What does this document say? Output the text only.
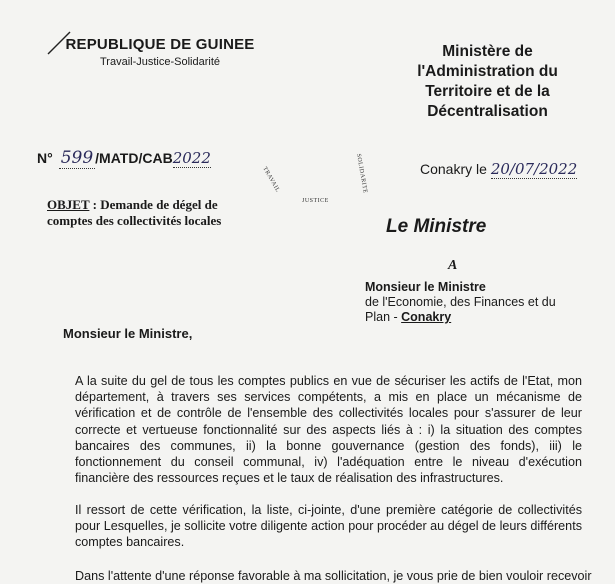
REPUBLIQUE DE GUINEE
Travail-Justice-Solidarité
Ministère de
l'Administration du
Territoire et de la
Décentralisation
N° 599 /MATD/CAB2022
TRAVAIL
JUSTICE
SOLIDARITE	Conakry le 20/07/2022
OBJET : Demande de dégel de
comptes des collectivités locales	Le Ministre
A
Monsieur le Ministre
de l'Economie, des Finances et du
Plan - Conakry
Monsieur le Ministre,
A la suite du gel de tous les comptes publics en vue de sécuriser les actifs de l'Etat, mon département, à travers ses services compétents, a mis en place un mécanisme de vérification et de contrôle de l'ensemble des collectivités locales pour s'assurer de leur correcte et vertueuse fonctionnalité sur des aspects liés à : i) la situation des comptes bancaires des communes, ii) la bonne gouvernance (gestion des fonds), iii) le fonctionnement du conseil communal, iv) l'adéquation entre le niveau d'exécution financière des ressources reçues et le taux de réalisation des infrastructures.
Il ressort de cette vérification, la liste, ci-jointe, d'une première catégorie de collectivités pour Lesquelles, je sollicite votre diligente action pour procéder au dégel de leurs différents comptes bancaires.
Dans l'attente d'une réponse favorable à ma sollicitation, je vous prie de bien vouloir recevoir
